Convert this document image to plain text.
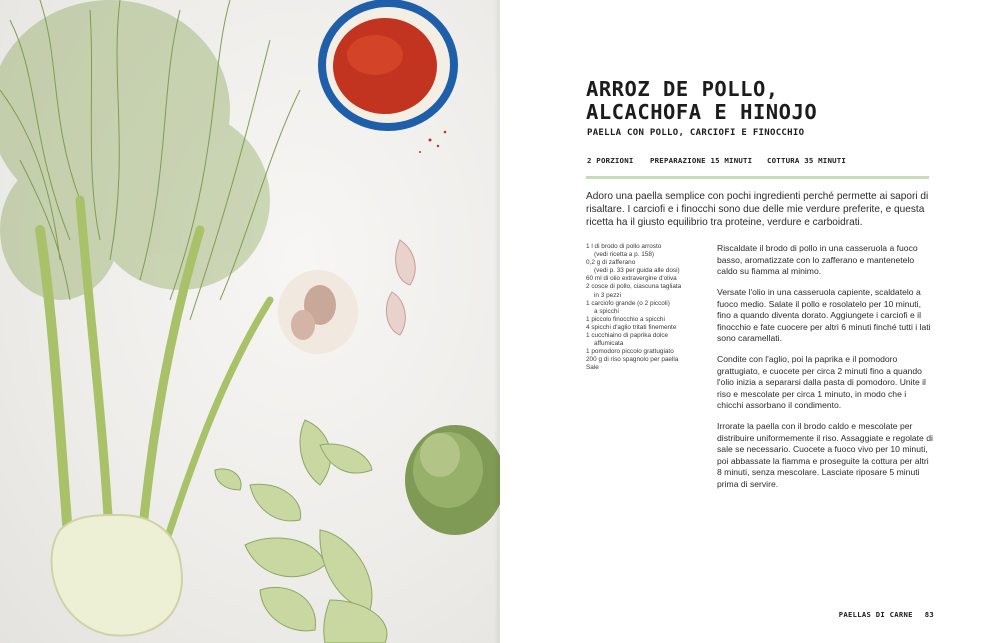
ARROZ DE POLLO,
ALCACHOFA E HINOJO
PAELLA CON POLLO, CARCIOFI E FINOCCHIO
2 PORZIONI PREPARAZIONE 15 MINUTI COTTURA 35 MINUTI

Adoro una paella semplice con pochi ingredienti perché permette ai sapori di risaltare. I carciofi e i finocchi sono due delle mie verdure preferite, e questa ricetta ha il giusto equilibrio tra proteine, verdure e carboidrati.

1 l di brodo di pollo arrosto
(vedi ricetta a p. 158)
0,2 g di zafferano
(vedi p. 33 per guida alle dosi)
60 ml di olio extravergine d'oliva
2 cosce di pollo, ciascuna tagliata
in 3 pezzi
1 carciofo grande (o 2 piccoli)
a spicchi
1 piccolo finocchio a spicchi
4 spicchi d'aglio tritati finemente
1 cucchiaino di paprika dolce
affumicata
1 pomodoro piccolo grattugiato
200 g di riso spagnolo per paella
Sale

Riscaldate il brodo di pollo in una casseruola a fuoco basso, aromatizzate con lo zafferano e mantenetelo caldo su fiamma al minimo.

Versate l'olio in una casseruola capiente, scaldatelo a fuoco medio. Salate il pollo e rosolatelo per 10 minuti, fino a quando diventa dorato. Aggiungete i carciofi e il finocchio e fate cuocere per altri 6 minuti finché tutti i lati sono caramellati.

Condite con l'aglio, poi la paprika e il pomodoro grattugiato, e cuocete per circa 2 minuti fino a quando l'olio inizia a separarsi dalla pasta di pomodoro. Unite il riso e mescolate per circa 1 minuto, in modo che i chicchi assorbano il condimento.

Irrorate la paella con il brodo caldo e mescolate per distribuire uniformemente il riso. Assaggiate e regolate di sale se necessario. Cuocete a fuoco vivo per 10 minuti, poi abbassate la fiamma e proseguite la cottura per altri 8 minuti, senza mescolare. Lasciate riposare 5 minuti prima di servire.

PAELLAS DI CARNE 83
